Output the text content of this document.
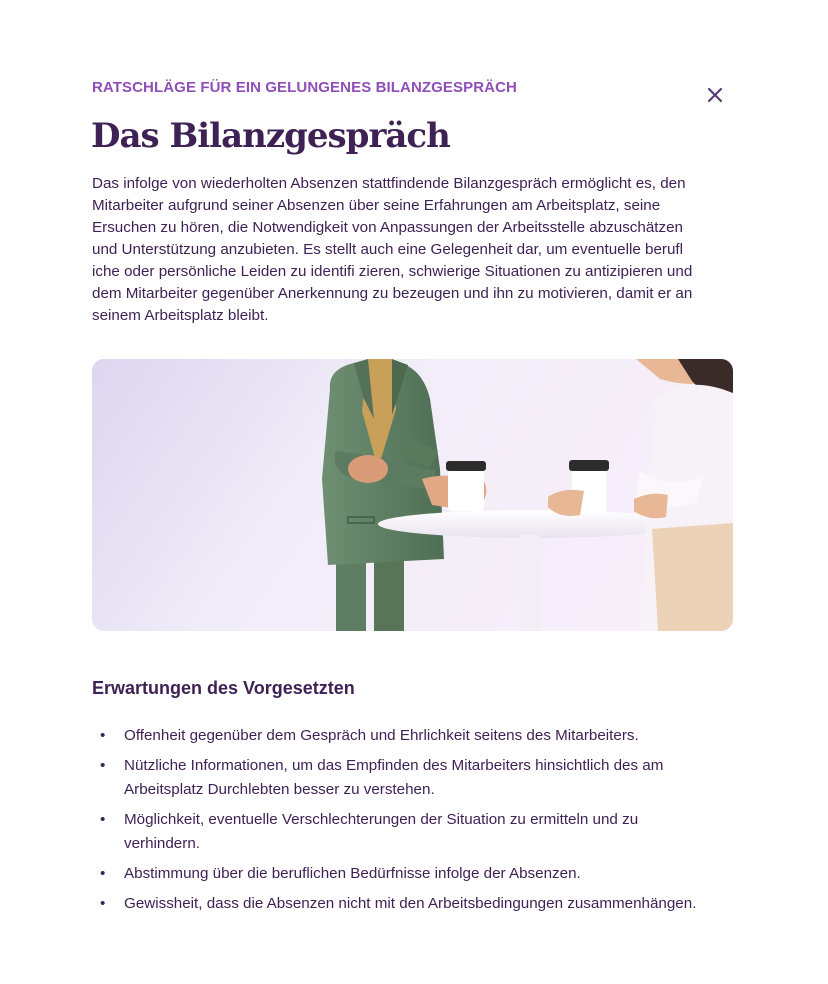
RATSCHLÄGE FÜR EIN GELUNGENES BILANZGESPRÄCH
Das Bilanzgespräch

Das infolge von wiederholten Absenzen stattfindende Bilanzgespräch ermöglicht es, den
Mitarbeiter aufgrund seiner Absenzen über seine Erfahrungen am Arbeitsplatz, seine
Ersuchen zu hören, die Notwendigkeit von Anpassungen der Arbeitsstelle abzuschätzen
und Unterstützung anzubieten. Es stellt auch eine Gelegenheit dar, um eventuelle berufl
iche oder persönliche Leiden zu identifi zieren, schwierige Situationen zu antizipieren und
dem Mitarbeiter gegenüber Anerkennung zu bezeugen und ihn zu motivieren, damit er an
seinem Arbeitsplatz bleibt.

Erwartungen des Vorgesetzten
• Offenheit gegenüber dem Gespräch und Ehrlichkeit seitens des Mitarbeiters.
• Nützliche Informationen, um das Empfinden des Mitarbeiters hinsichtlich des am
Arbeitsplatz Durchlebten besser zu verstehen.
• Möglichkeit, eventuelle Verschlechterungen der Situation zu ermitteln und zu
verhindern.
• Abstimmung über die beruflichen Bedürfnisse infolge der Absenzen.
• Gewissheit, dass die Absenzen nicht mit den Arbeitsbedingungen zusammenhängen.
